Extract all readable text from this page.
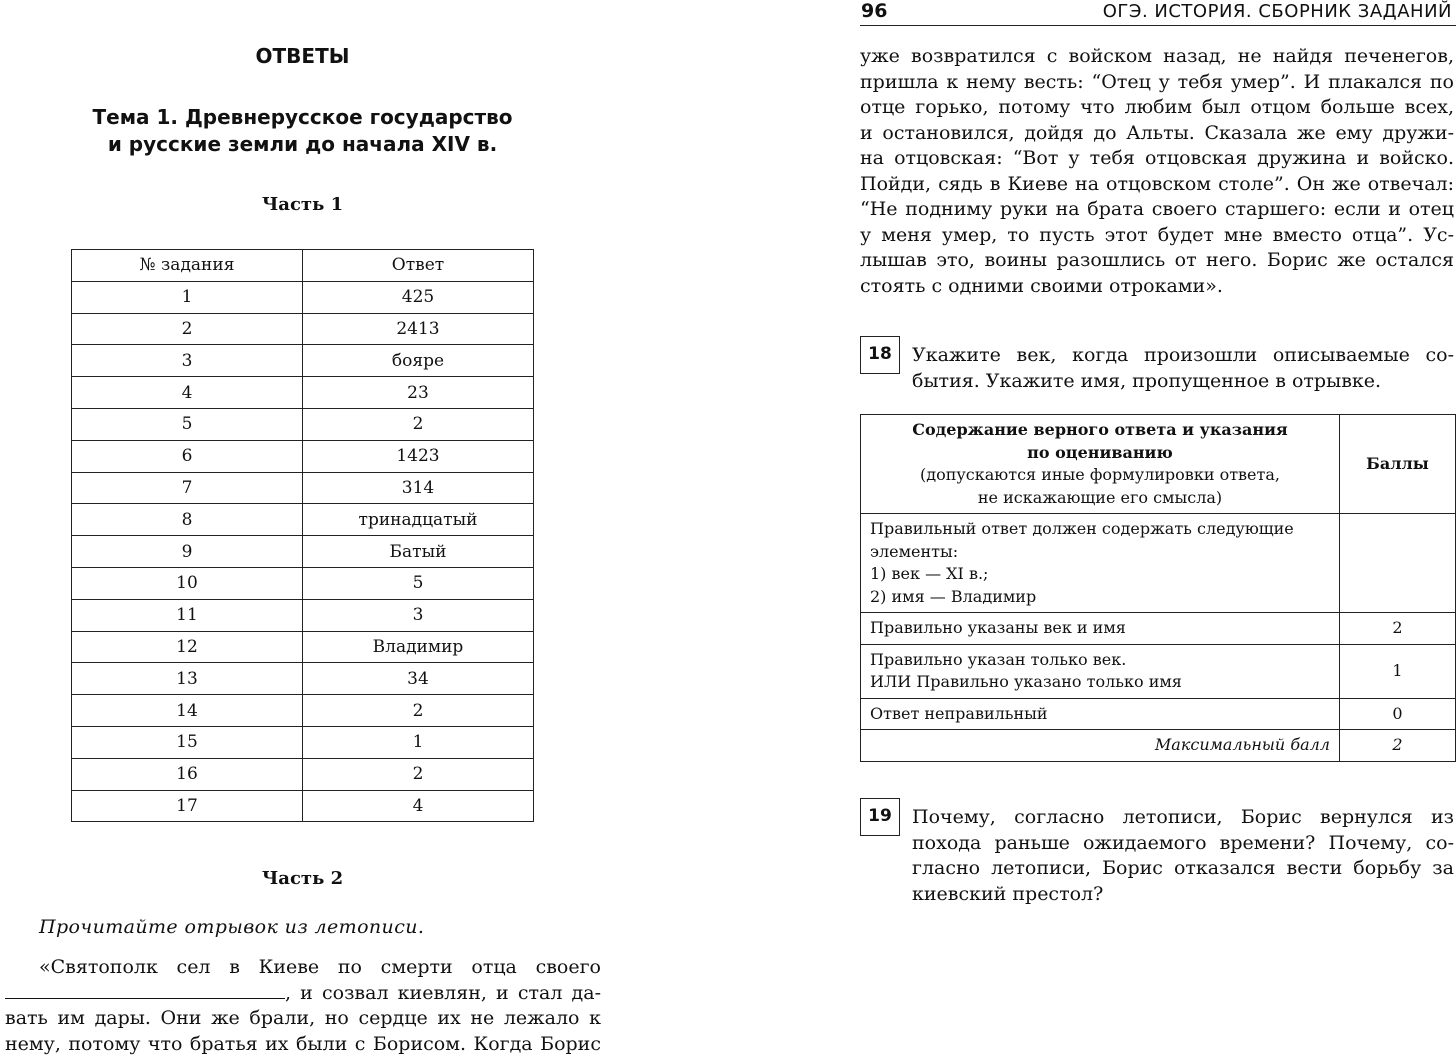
ОТВЕТЫ
Тема 1. Древнерусское государство
и русские земли до начала XIV в.
Часть 1
№ задания	Ответ
1	425
2	2413
3	бояре
4	23
5	2
6	1423
7	314
8	тринадцатый
9	Батый
10	5
11	3
12	Владимир
13	34
14	2
15	1
16	2
17	4
Часть 2
Прочитайте отрывок из летописи.
«Святополк сел в Киеве по смерти отца своего
, и созвал киевлян, и стал да-
вать им дары. Они же брали, но сердце их не лежало к
нему, потому что братья их были с Борисом. Когда Борис
96	ОГЭ. ИСТОРИЯ. СБОРНИК ЗАДАНИЙ
уже возвратился с войском назад, не найдя печенегов,
пришла к нему весть: “Отец у тебя умер”. И плакался по
отце горько, потому что любим был отцом больше всех,
и остановился, дойдя до Альты. Сказала же ему дружи-
на отцовская: “Вот у тебя отцовская дружина и войско.
Пойди, сядь в Киеве на отцовском столе”. Он же отвечал:
“Не подниму руки на брата своего старшего: если и отец
у меня умер, то пусть этот будет мне вместо отца”. Ус-
лышав это, воины разошлись от него. Борис же остался
стоять с одними своими отроками».
18	Укажите век, когда произошли описываемые со-
бытия. Укажите имя, пропущенное в отрывке.
Содержание верного ответа и указания
по оцениванию
(допускаются иные формулировки ответа,
не искажающие его смысла)	Баллы

Правильный ответ должен содержать следующие
элементы:
1) век — XI в.;
2) имя — Владимир	

Правильно указаны век и имя	2

Правильно указан только век.
ИЛИ Правильно указано только имя	1
Ответ неправильный	0
Максимальный балл	2
19	Почему, согласно летописи, Борис вернулся из
похода раньше ожидаемого времени? Почему, со-
гласно летописи, Борис отказался вести борьбу за
киевский престол?
